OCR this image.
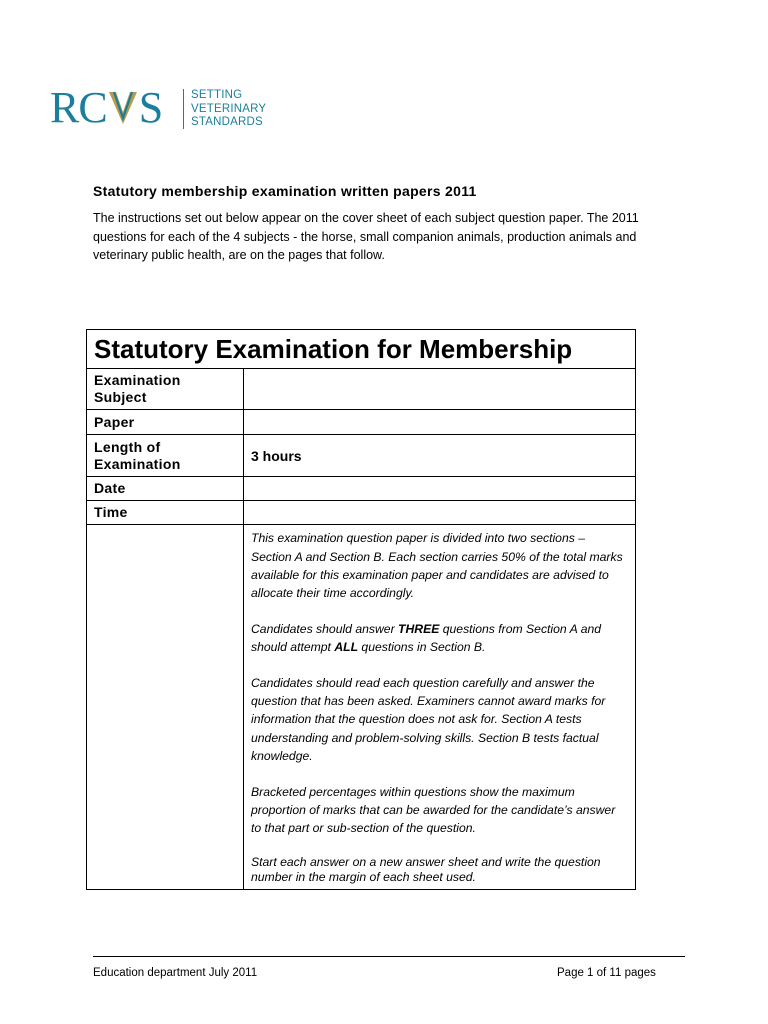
RC S	SETTING
VETERINARY
STANDARDS
Statutory membership examination written papers 2011
The instructions set out below appear on the cover sheet of each subject question paper. The 2011 questions for each of the 4 subjects - the horse, small companion animals, production animals and veterinary public health, are on the pages that follow.
Statutory Examination for Membership	
Examination Subject	
Paper	
Length of Examination	3 hours
Date	
Time	

	This examination question paper is divided into two sections – Section A and Section B. Each section carries 50% of the total marks available for this examination paper and candidates are advised to allocate their time accordingly.

Candidates should answer THREE questions from Section A and should attempt ALL questions in Section B.

Candidates should read each question carefully and answer the question that has been asked. Examiners cannot award marks for information that the question does not ask for. Section A tests understanding and problem-solving skills. Section B tests factual knowledge.

Bracketed percentages within questions show the maximum proportion of marks that can be awarded for the candidate’s answer to that part or sub-section of the question.

Start each answer on a new answer sheet and write the question number in the margin of each sheet used.

Education department July 2011	Page 1 of 11 pages
